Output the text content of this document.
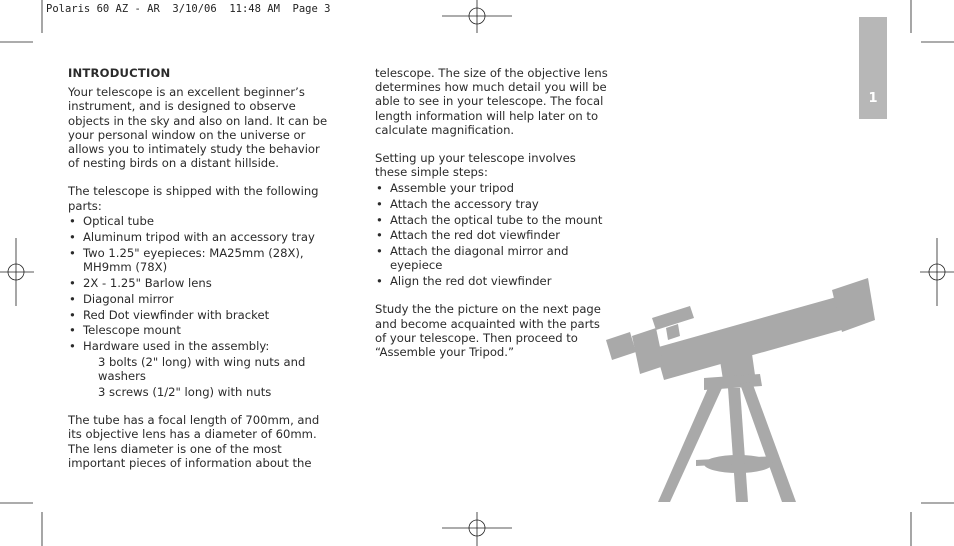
Polaris 60 AZ - AR  3/10/06  11:48 AM  Page 3
1
INTRODUCTION

Your telescope is an excellent beginner’s instrument, and is designed to observe objects in the sky and also on land. It can be your personal window on the universe or allows you to intimately study the behavior of nesting birds on a distant hillside.

The telescope is shipped with the following parts:

• Optical tube
• Aluminum tripod with an accessory tray
• Two 1.25" eyepieces: MA25mm (28X), MH9mm (78X)
• 2X - 1.25" Barlow lens
• Diagonal mirror
• Red Dot viewfinder with bracket
• Telescope mount
• Hardware used in the assembly:
3 bolts (2" long) with wing nuts and washers
3 screws (1/2" long) with nuts

The tube has a focal length of 700mm, and its objective lens has a diameter of 60mm. The lens diameter is one of the most important pieces of information about the

telescope. The size of the objective lens determines how much detail you will be able to see in your telescope. The focal length information will help later on to calculate magnification.

Setting up your telescope involves these simple steps:

• Assemble your tripod
• Attach the accessory tray
• Attach the optical tube to the mount
• Attach the red dot viewfinder
• Attach the diagonal mirror and eyepiece
• Align the red dot viewfinder

Study the the picture on the next page and become acquainted with the parts of your telescope. Then proceed to “Assemble your Tripod.”
